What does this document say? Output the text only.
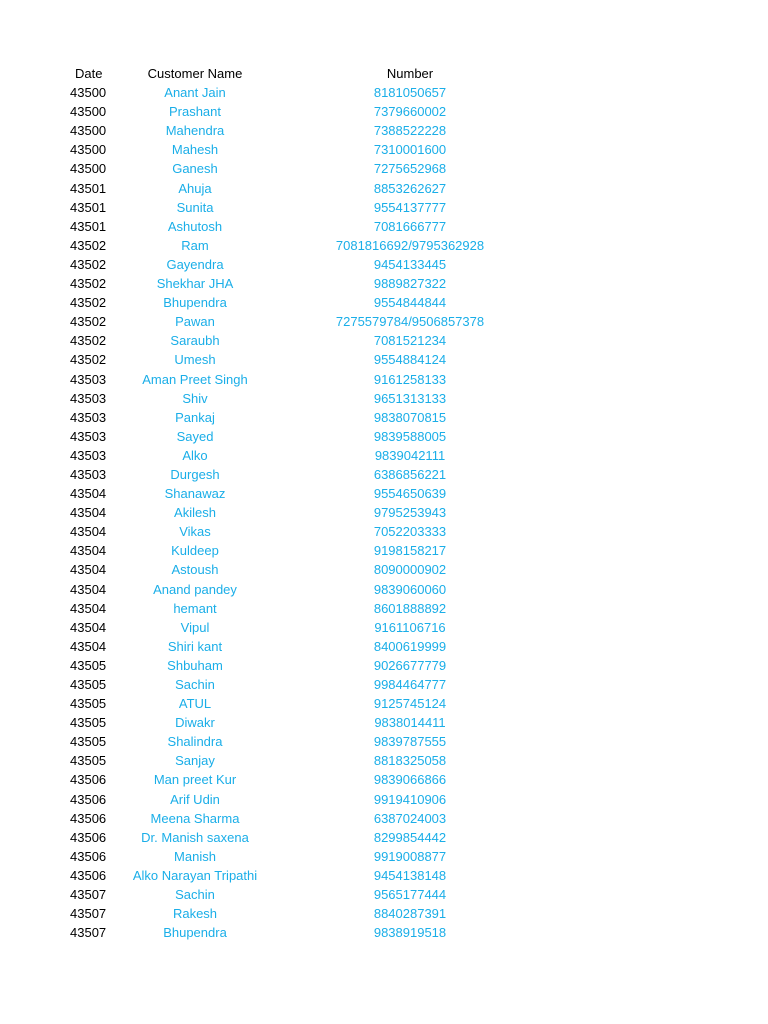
Date	Customer Name	Number
43500	Anant Jain	8181050657
43500	Prashant	7379660002
43500	Mahendra	7388522228
43500	Mahesh	7310001600
43500	Ganesh	7275652968
43501	Ahuja	8853262627
43501	Sunita	9554137777
43501	Ashutosh	7081666777
43502	Ram	7081816692/9795362928
43502	Gayendra	9454133445
43502	Shekhar JHA	9889827322
43502	Bhupendra	9554844844
43502	Pawan	7275579784/9506857378
43502	Saraubh	7081521234
43502	Umesh	9554884124
43503	Aman Preet Singh	9161258133
43503	Shiv	9651313133
43503	Pankaj	9838070815
43503	Sayed	9839588005
43503	Alko	9839042111
43503	Durgesh	6386856221
43504	Shanawaz	9554650639
43504	Akilesh	9795253943
43504	Vikas	7052203333
43504	Kuldeep	9198158217
43504	Astoush	8090000902
43504	Anand pandey	9839060060
43504	hemant	8601888892
43504	Vipul	9161106716
43504	Shiri kant	8400619999
43505	Shbuham	9026677779
43505	Sachin	9984464777
43505	ATUL	9125745124
43505	Diwakr	9838014411
43505	Shalindra	9839787555
43505	Sanjay	8818325058
43506	Man preet Kur	9839066866
43506	Arif Udin	9919410906
43506	Meena Sharma	6387024003
43506	Dr. Manish saxena	8299854442
43506	Manish	9919008877
43506	Alko Narayan Tripathi	9454138148
43507	Sachin	9565177444
43507	Rakesh	8840287391
43507	Bhupendra	9838919518
